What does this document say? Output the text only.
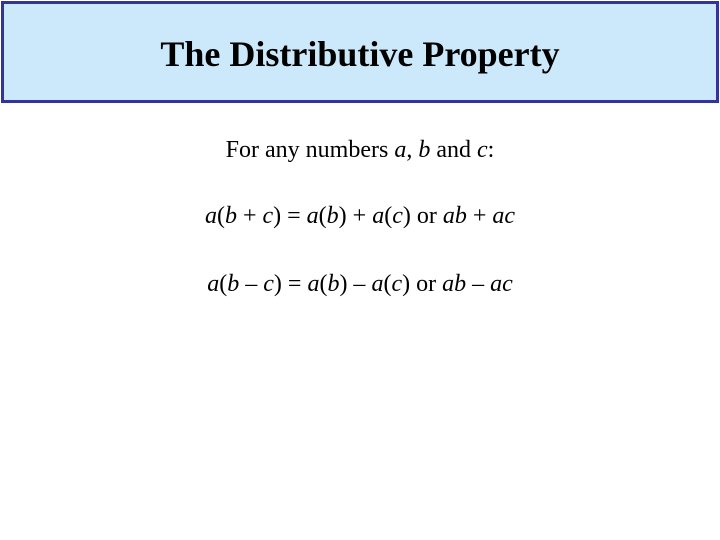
The Distributive Property
For any numbers a, b and c:
a(b + c) = a(b) + a(c) or ab + ac
a(b – c) = a(b) – a(c) or ab – ac
